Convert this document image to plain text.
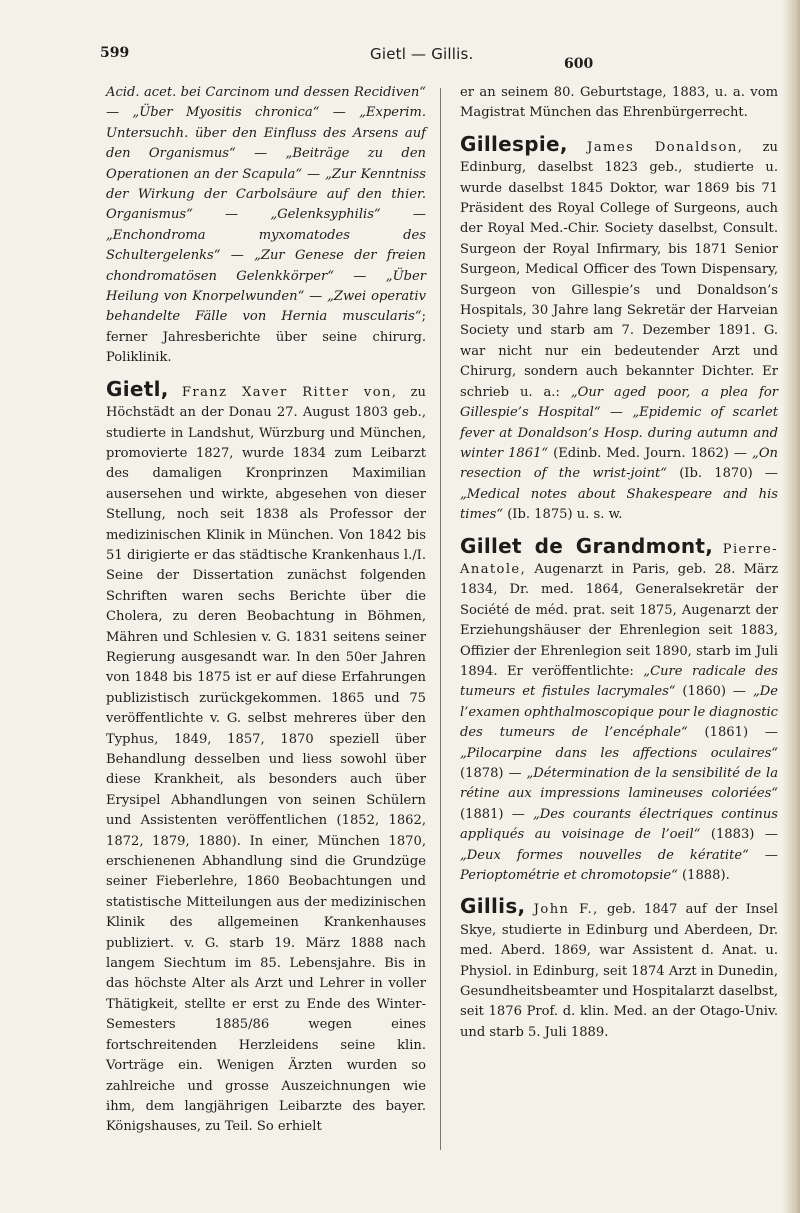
599	Gietl — Gillis.
600

Acid. acet. bei Carcinom und dessen Recidiven“ — „Über Myositis chronica“ — „Experim. Untersuchh. über den Einfluss des Arsens auf den Organismus“ — „Beiträge zu den Operationen an der Scapula“ — „Zur Kenntniss der Wirkung der Carbolsäure auf den thier. Organismus“ — „Gelenksyphilis“ — „Enchondroma myxomatodes des Schultergelenks“ — „Zur Genese der freien chondromatösen Gelenkkörper“ — „Über Heilung von Knorpelwunden“ — „Zwei operativ behandelte Fälle von Hernia muscularis“; ferner Jahresberichte über seine chirurg. Poliklinik.

Gietl, Franz Xaver Ritter von, zu Höchstädt an der Donau 27. August 1803 geb., studierte in Landshut, Würzburg und München, promovierte 1827, wurde 1834 zum Leibarzt des damaligen Kronprinzen Maximilian ausersehen und wirkte, abgesehen von dieser Stellung, noch seit 1838 als Professor der medizinischen Klinik in München. Von 1842 bis 51 dirigierte er das städtische Krankenhaus l./I. Seine der Dissertation zunächst folgenden Schriften waren sechs Berichte über die Cholera, zu deren Beobachtung in Böhmen, Mähren und Schlesien v. G. 1831 seitens seiner Regierung ausgesandt war. In den 50er Jahren von 1848 bis 1875 ist er auf diese Erfahrungen publizistisch zurückgekommen. 1865 und 75 veröffentlichte v. G. selbst mehreres über den Typhus, 1849, 1857, 1870 speziell über Behandlung desselben und liess sowohl über diese Krankheit, als besonders auch über Erysipel Abhandlungen von seinen Schülern und Assistenten veröffentlichen (1852, 1862, 1872, 1879, 1880). In einer, München 1870, erschienenen Abhandlung sind die Grundzüge seiner Fieberlehre, 1860 Beobachtungen und statistische Mitteilungen aus der medizinischen Klinik des allgemeinen Krankenhauses publiziert. v. G. starb 19. März 1888 nach langem Siechtum im 85. Lebensjahre. Bis in das höchste Alter als Arzt und Lehrer in voller Thätigkeit, stellte er erst zu Ende des Winter-Semesters 1885/86 wegen eines fortschreitenden Herzleidens seine klin. Vorträge ein. Wenigen Ärzten wurden so zahlreiche und grosse Auszeichnungen wie ihm, dem langjährigen Leibarzte des bayer. Königshauses, zu Teil. So erhielt

er an seinem 80. Geburtstage, 1883, u. a. vom Magistrat München das Ehrenbürgerrecht.

Gillespie, James Donaldson, zu Edinburg, daselbst 1823 geb., studierte u. wurde daselbst 1845 Doktor, war 1869 bis 71 Präsident des Royal College of Surgeons, auch der Royal Med.-Chir. Society daselbst, Consult. Surgeon der Royal Infirmary, bis 1871 Senior Surgeon, Medical Officer des Town Dispensary, Surgeon von Gillespie’s und Donaldson’s Hospitals, 30 Jahre lang Sekretär der Harveian Society und starb am 7. Dezember 1891. G. war nicht nur ein bedeutender Arzt und Chirurg, sondern auch bekannter Dichter. Er schrieb u. a.: „Our aged poor, a plea for Gillespie’s Hospital“ — „Epidemic of scarlet fever at Donaldson’s Hosp. during autumn and winter 1861“ (Edinb. Med. Journ. 1862) — „On resection of the wrist-joint“ (Ib. 1870) — „Medical notes about Shakespeare and his times“ (Ib. 1875) u. s. w.

Gillet de Grandmont, Pierre-Anatole, Augenarzt in Paris, geb. 28. März 1834, Dr. med. 1864, Generalsekretär der Société de méd. prat. seit 1875, Augenarzt der Erziehungshäuser der Ehrenlegion seit 1883, Offizier der Ehrenlegion seit 1890, starb im Juli 1894. Er veröffentlichte: „Cure radicale des tumeurs et fistules lacrymales“ (1860) — „De l’examen ophthalmoscopique pour le diagnostic des tumeurs de l’encéphale“ (1861) — „Pilocarpine dans les affections oculaires“ (1878) — „Détermination de la sensibilité de la rétine aux impressions lamineuses coloriées“ (1881) — „Des courants électriques continus appliqués au voisinage de l’oeil“ (1883) — „Deux formes nouvelles de kératite“ — Perioptométrie et chromotopsie“ (1888).

Gillis, John F., geb. 1847 auf der Insel Skye, studierte in Edinburg und Aberdeen, Dr. med. Aberd. 1869, war Assistent d. Anat. u. Physiol. in Edinburg, seit 1874 Arzt in Dunedin, Gesundheitsbeamter und Hospitalarzt daselbst, seit 1876 Prof. d. klin. Med. an der Otago-Univ. und starb 5. Juli 1889.
